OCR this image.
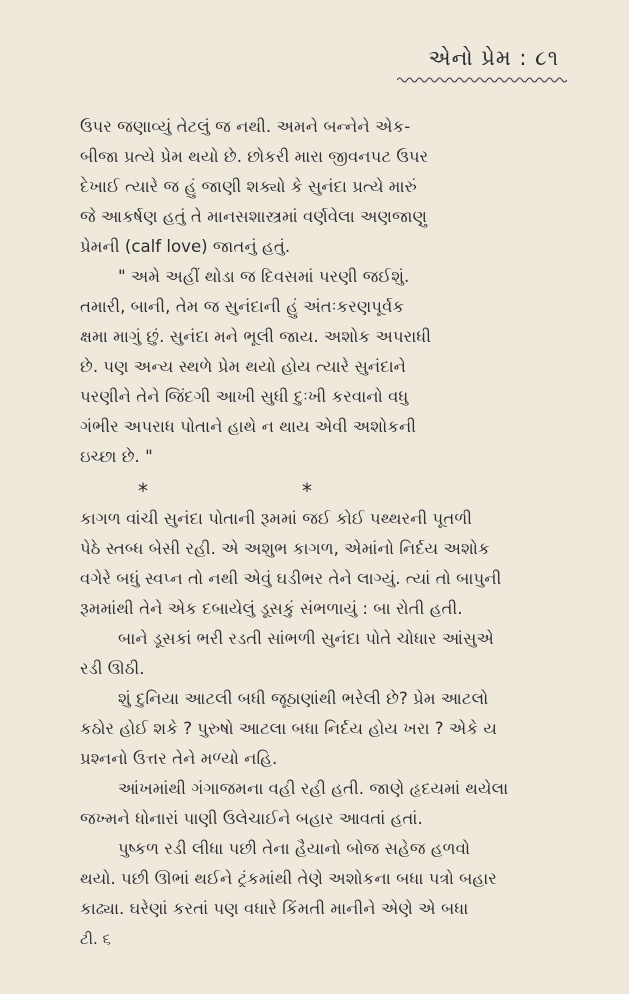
એનો પ્રેમ : ૮૧
ઉપર જણાવ્યું તેટલું જ નથી. અમને બન્નેને એક-
બીજા પ્રત્યે પ્રેમ થયો છે. છોકરી મારા જીવનપટ ઉપર
દેખાઈ ત્યારે જ હું જાણી શક્યો કે સુનંદા પ્રત્યે મારું
જે આકર્ષણ હતું તે માનસશાસ્ત્રમાં વર્ણવેલા અણજાણુ
પ્રેમની (calf love) જાતનું હતું.
" અમે અહીં થોડા જ દિવસમાં પરણી જઈશું.
તમારી, બાની, તેમ જ સુનંદાની હું અંતઃકરણપૂર્વક
ક્ષમા માગું છું. સુનંદા મને ભૂલી જાય. અશોક અપરાધી
છે. પણ અન્ય સ્થળે પ્રેમ થયો હોય ત્યારે સુનંદાને
પરણીને તેને જિંદગી આખી સુધી દુઃખી કરવાનો વધુ
ગંભીર અપરાધ પોતાને હાથે ન થાય એવી અશોકની
ઇચ્છા છે. "
*	*
કાગળ વાંચી સુનંદા પોતાની રૂમમાં જઈ કોઈ પથ્થરની પૂતળી
પેઠે સ્તબ્ધ બેસી રહી. એ અશુભ કાગળ, એમાંનો નિર્દય અશોક
વગેરે બધું સ્વપ્ન તો નથી એવું ઘડીભર તેને લાગ્યું. ત્યાં તો બાપુની
રૂમમાંથી તેને એક દબાયેલું ડૂસકું સંભળાયું : બા રોતી હતી.
બાને ડૂસકાં ભરી રડતી સાંભળી સુનંદા પોતે ચોધાર આંસુએ
રડી ઊઠી.
શું દુનિયા આટલી બધી જૂઠાણાંથી ભરેલી છે? પ્રેમ આટલો
કઠોર હોઈ શકે ? પુરુષો આટલા બધા નિર્દય હોય ખરા ? એકે ય
પ્રશ્નનો ઉત્તર તેને મળ્યો નહિ.
આંખમાંથી ગંગાજમના વહી રહી હતી. જાણે હૃદયમાં થયેલા
જખ્મને ધોનારાં પાણી ઉલેચાઈને બહાર આવતાં હતાં.
પુષ્કળ રડી લીધા પછી તેના હૈયાનો બોજ સહેજ હળવો
થયો. પછી ઊભાં થઈને ટ્રંકમાંથી તેણે અશોકના બધા પત્રો બહાર
કાઢ્યા. ઘરેણાં કરતાં પણ વધારે કિંમતી માનીને એણે એ બધા
ટી. ૬
